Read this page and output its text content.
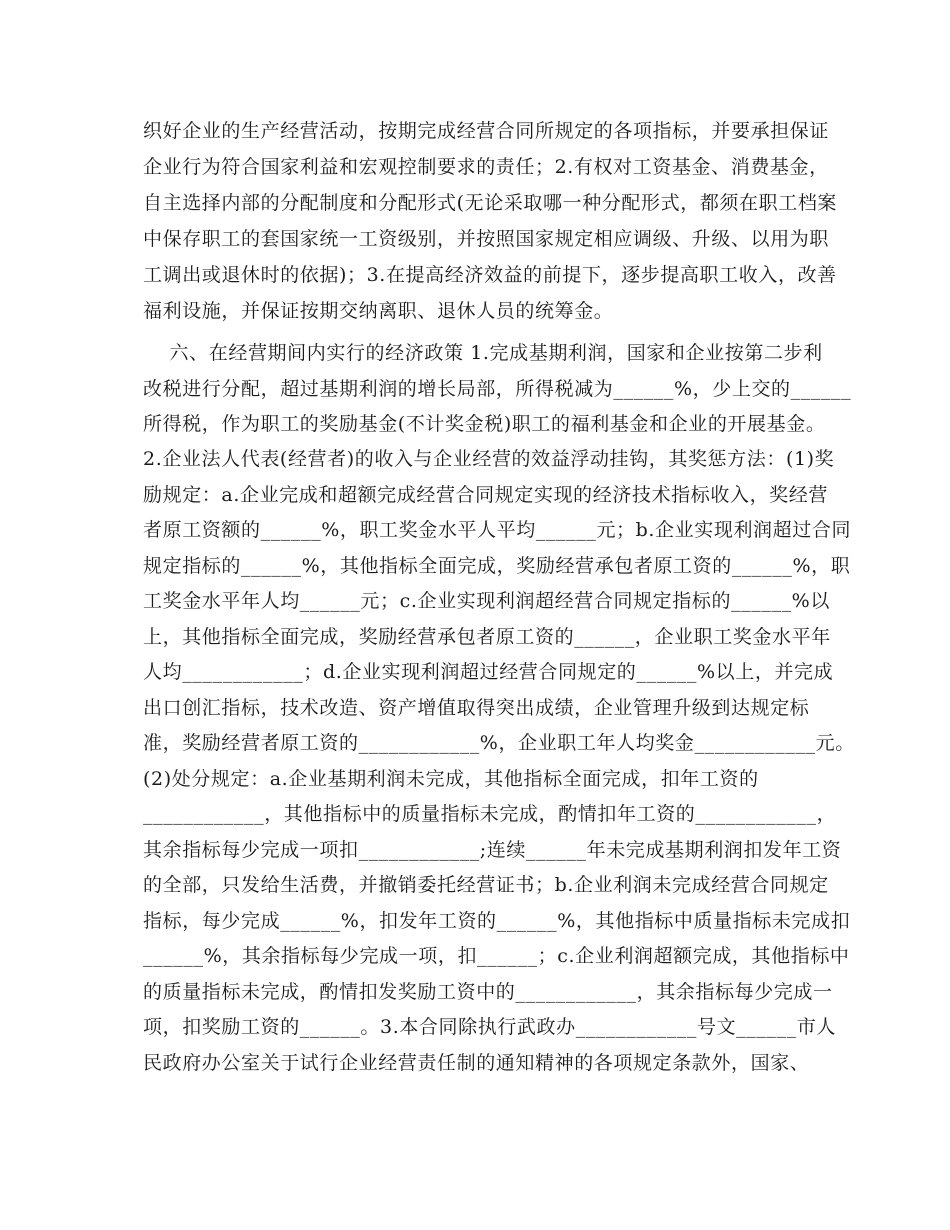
织好企业的生产经营活动，按期完成经营合同所规定的各项指标，并要承担保证
企业行为符合国家利益和宏观控制要求的责任；2.有权对工资基金、消费基金，
自主选择内部的分配制度和分配形式(无论采取哪一种分配形式，都须在职工档案
中保存职工的套国家统一工资级别，并按照国家规定相应调级、升级、以用为职
工调出或退休时的依据)；3.在提高经济效益的前提下，逐步提高职工收入，改善
福利设施，并保证按期交纳离职、退休人员的统筹金。
六、在经营期间内实行的经济政策 1.完成基期利润，国家和企业按第二步利
改税进行分配，超过基期利润的增长局部，所得税减为______%，少上交的______
所得税，作为职工的奖励基金(不计奖金税)职工的福利基金和企业的开展基金。
2.企业法人代表(经营者)的收入与企业经营的效益浮动挂钩，其奖惩方法：(1)奖
励规定：a.企业完成和超额完成经营合同规定实现的经济技术指标收入，奖经营
者原工资额的______%，职工奖金水平人平均______元；b.企业实现利润超过合同
规定指标的______%，其他指标全面完成，奖励经营承包者原工资的______%，职
工奖金水平年人均______元；c.企业实现利润超经营合同规定指标的______%以
上，其他指标全面完成，奖励经营承包者原工资的______，企业职工奖金水平年
人均____________；d.企业实现利润超过经营合同规定的______%以上，并完成
出口创汇指标，技术改造、资产增值取得突出成绩，企业管理升级到达规定标
准，奖励经营者原工资的____________%，企业职工年人均奖金____________元。
(2)处分规定：a.企业基期利润未完成，其他指标全面完成，扣年工资的
____________，其他指标中的质量指标未完成，酌情扣年工资的____________，
其余指标每少完成一项扣____________;连续______年未完成基期利润扣发年工资
的全部，只发给生活费，并撤销委托经营证书；b.企业利润未完成经营合同规定
指标，每少完成______%，扣发年工资的______%，其他指标中质量指标未完成扣
______%，其余指标每少完成一项，扣______；c.企业利润超额完成，其他指标中
的质量指标未完成，酌情扣发奖励工资中的____________，其余指标每少完成一
项，扣奖励工资的______。3.本合同除执行武政办____________号文______市人
民政府办公室关于试行企业经营责任制的通知精神的各项规定条款外，国家、
